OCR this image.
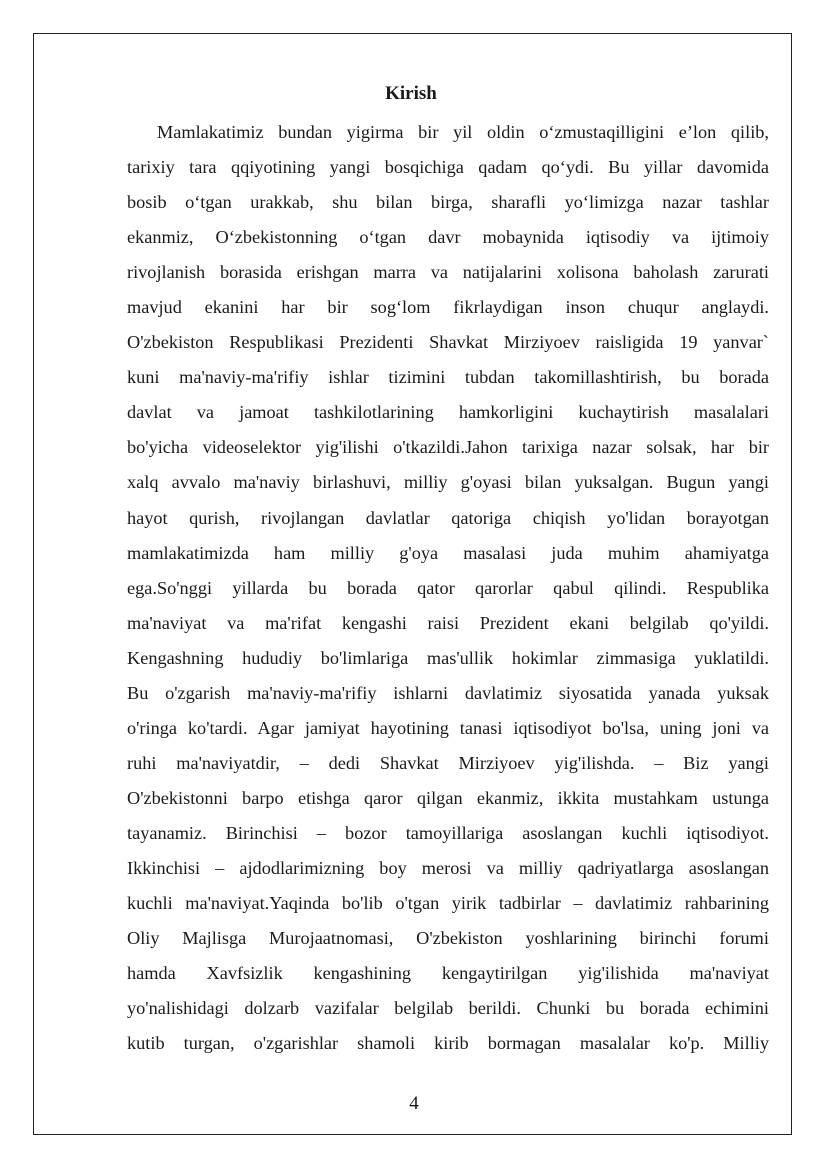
Kirish
Mamlakatimiz bundan yigirma bir yil oldin o‘zmustaqilligini e’lon qilib,
tarixiy tara qqiyotining yangi bosqichiga qadam qo‘ydi. Bu yillar davomida
bosib o‘tgan urakkab, shu bilan birga, sharafli yo‘limizga nazar tashlar
ekanmiz, O‘zbekistonning o‘tgan davr mobaynida iqtisodiy va ijtimoiy
rivojlanish borasida erishgan marra va natijalarini xolisona baholash zarurati
mavjud ekanini har bir sog‘lom fikrlaydigan inson chuqur anglaydi.
O'zbekiston Respublikasi Prezidenti Shavkat Mirziyoev raisligida 19 yanvar`
kuni ma'naviy-ma'rifiy ishlar tizimini tubdan takomillashtirish, bu borada
davlat va jamoat tashkilotlarining hamkorligini kuchaytirish masalalari
bo'yicha videoselektor yig'ilishi o'tkazildi.Jahon tarixiga nazar solsak, har bir
xalq avvalo ma'naviy birlashuvi, milliy g'oyasi bilan yuksalgan. Bugun yangi
hayot qurish, rivojlangan davlatlar qatoriga chiqish yo'lidan borayotgan
mamlakatimizda ham milliy g'oya masalasi juda muhim ahamiyatga
ega.So'nggi yillarda bu borada qator qarorlar qabul qilindi. Respublika
ma'naviyat va ma'rifat kengashi raisi Prezident ekani belgilab qo'yildi.
Kengashning hududiy bo'limlariga mas'ullik hokimlar zimmasiga yuklatildi.
Bu o'zgarish ma'naviy-ma'rifiy ishlarni davlatimiz siyosatida yanada yuksak
o'ringa ko'tardi. Agar jamiyat hayotining tanasi iqtisodiyot bo'lsa, uning joni va
ruhi ma'naviyatdir, – dedi Shavkat Mirziyoev yig'ilishda. – Biz yangi
O'zbekistonni barpo etishga qaror qilgan ekanmiz, ikkita mustahkam ustunga
tayanamiz. Birinchisi – bozor tamoyillariga asoslangan kuchli iqtisodiyot.
Ikkinchisi – ajdodlarimizning boy merosi va milliy qadriyatlarga asoslangan
kuchli ma'naviyat.Yaqinda bo'lib o'tgan yirik tadbirlar – davlatimiz rahbarining
Oliy Majlisga Murojaatnomasi, O'zbekiston yoshlarining birinchi forumi
hamda Xavfsizlik kengashining kengaytirilgan yig'ilishida ma'naviyat
yo'nalishidagi dolzarb vazifalar belgilab berildi. Chunki bu borada echimini
kutib turgan, o'zgarishlar shamoli kirib bormagan masalalar ko'p. Milliy
4
